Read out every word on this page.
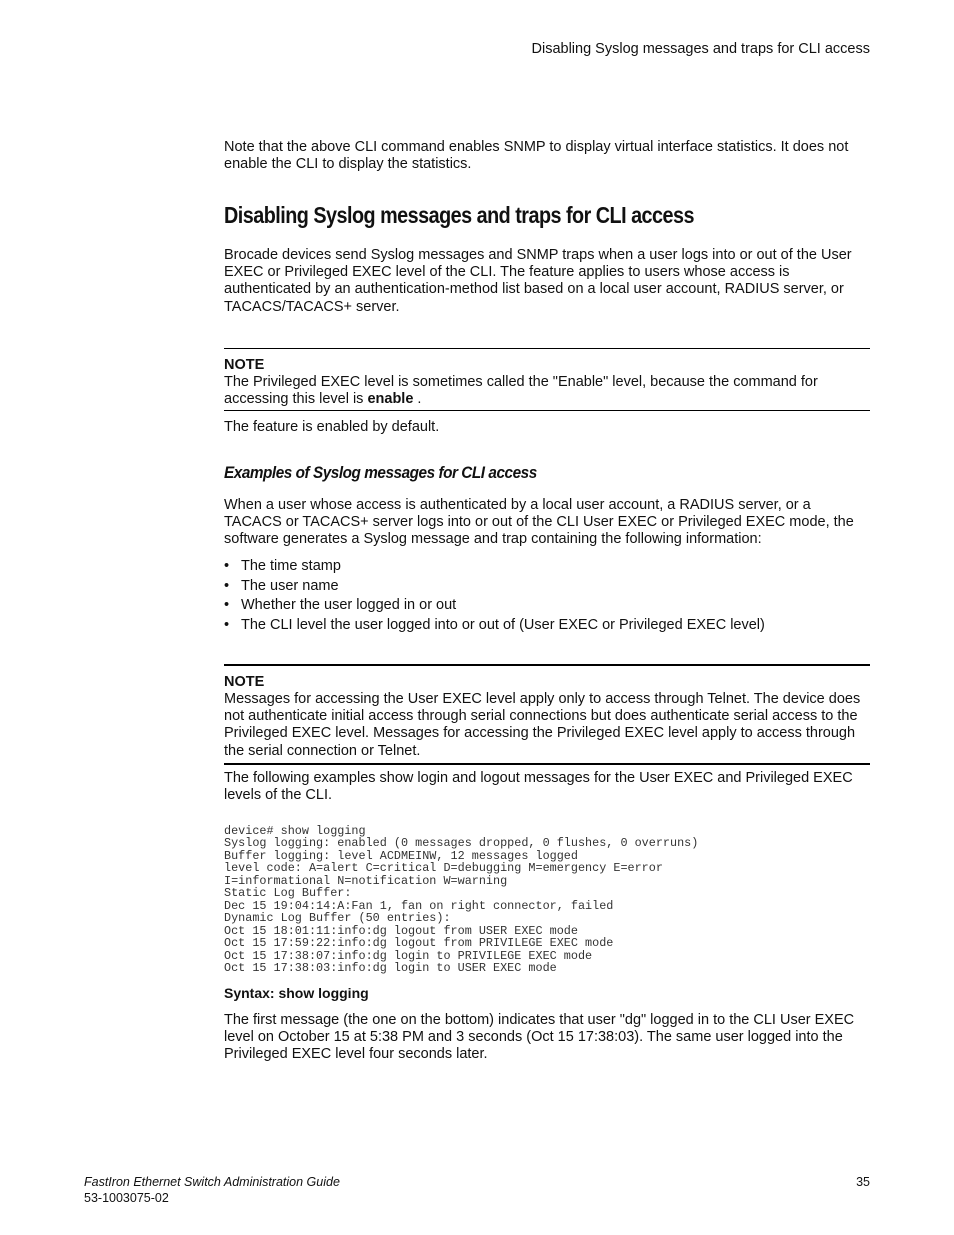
Disabling Syslog messages and traps for CLI access

Note that the above CLI command enables SNMP to display virtual interface statistics. It does not enable the CLI to display the statistics.

Disabling Syslog messages and traps for CLI access

Brocade devices send Syslog messages and SNMP traps when a user logs into or out of the User EXEC or Privileged EXEC level of the CLI. The feature applies to users whose access is authenticated by an authentication-method list based on a local user account, RADIUS server, or TACACS/TACACS+ server.

NOTE

The Privileged EXEC level is sometimes called the "Enable" level, because the command for accessing this level is enable .

The feature is enabled by default.

Examples of Syslog messages for CLI access

When a user whose access is authenticated by a local user account, a RADIUS server, or a TACACS or TACACS+ server logs into or out of the CLI User EXEC or Privileged EXEC mode, the software generates a Syslog message and trap containing the following information:

• The time stamp
• The user name
• Whether the user logged in or out
• The CLI level the user logged into or out of (User EXEC or Privileged EXEC level)
NOTE

Messages for accessing the User EXEC level apply only to access through Telnet. The device does not authenticate initial access through serial connections but does authenticate serial access to the Privileged EXEC level. Messages for accessing the Privileged EXEC level apply to access through the serial connection or Telnet.

The following examples show login and logout messages for the User EXEC and Privileged EXEC levels of the CLI.

device# show logging
Syslog logging: enabled (0 messages dropped, 0 flushes, 0 overruns)
Buffer logging: level ACDMEINW, 12 messages logged
level code: A=alert C=critical D=debugging M=emergency E=error
I=informational N=notification W=warning
Static Log Buffer:
Dec 15 19:04:14:A:Fan 1, fan on right connector, failed
Dynamic Log Buffer (50 entries):
Oct 15 18:01:11:info:dg logout from USER EXEC mode
Oct 15 17:59:22:info:dg logout from PRIVILEGE EXEC mode
Oct 15 17:38:07:info:dg login to PRIVILEGE EXEC mode
Oct 15 17:38:03:info:dg login to USER EXEC mode
Syntax: show logging

The first message (the one on the bottom) indicates that user "dg" logged in to the CLI User EXEC level on October 15 at 5:38 PM and 3 seconds (Oct 15 17:38:03). The same user logged into the Privileged EXEC level four seconds later.

FastIron Ethernet Switch Administration Guide
53-1003075-02
35
